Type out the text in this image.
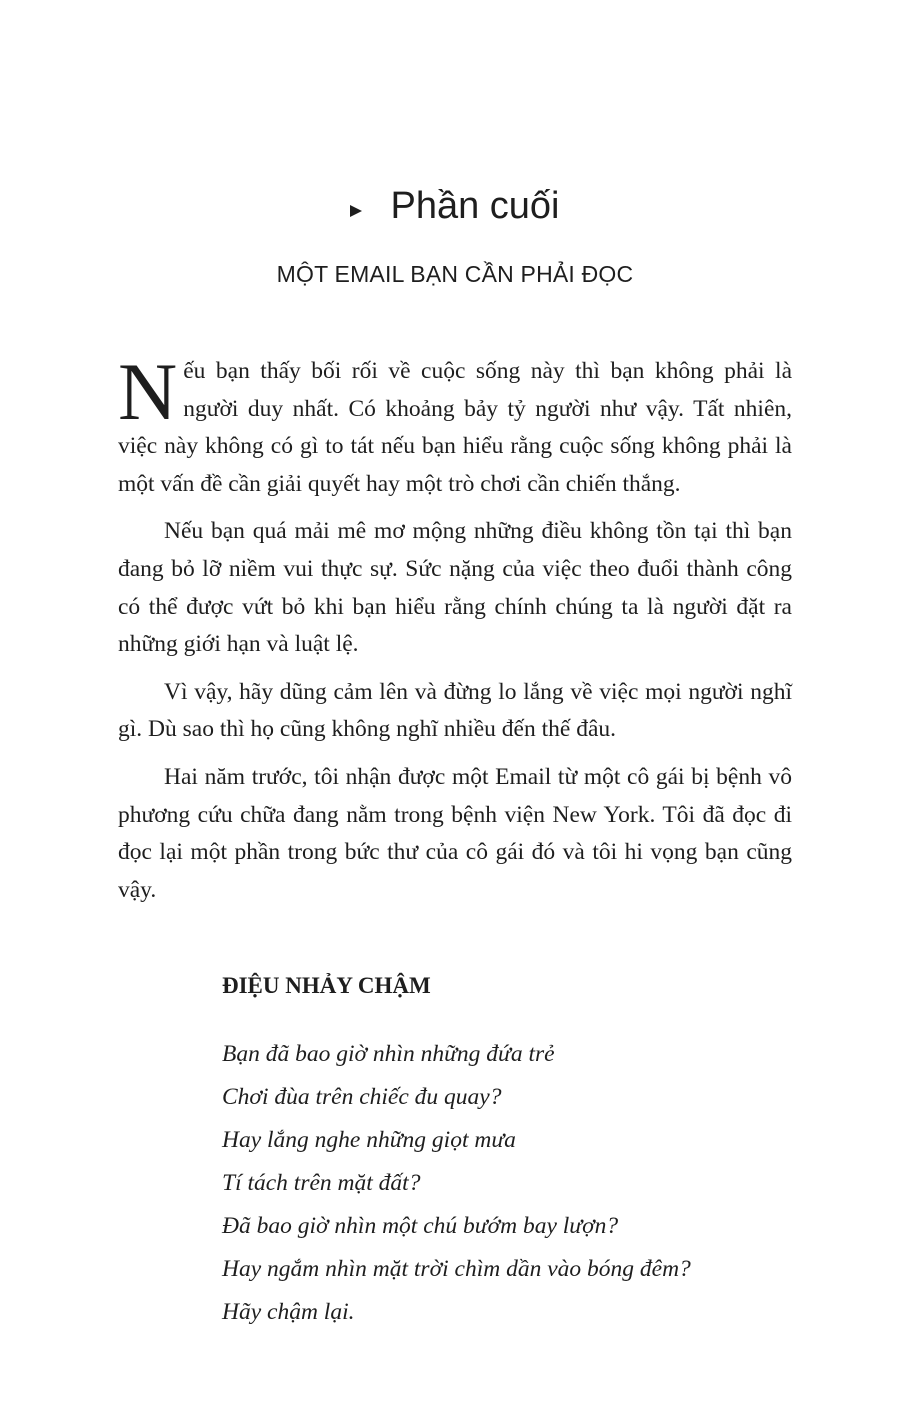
Phần cuối
MỘT EMAIL BẠN CẦN PHẢI ĐỌC

Nếu bạn thấy bối rối về cuộc sống này thì bạn không phải là người duy nhất. Có khoảng bảy tỷ người như vậy. Tất nhiên, việc này không có gì to tát nếu bạn hiểu rằng cuộc sống không phải là một vấn đề cần giải quyết hay một trò chơi cần chiến thắng.

Nếu bạn quá mải mê mơ mộng những điều không tồn tại thì bạn đang bỏ lỡ niềm vui thực sự. Sức nặng của việc theo đuổi thành công có thể được vứt bỏ khi bạn hiểu rằng chính chúng ta là người đặt ra những giới hạn và luật lệ.

Vì vậy, hãy dũng cảm lên và đừng lo lắng về việc mọi người nghĩ gì. Dù sao thì họ cũng không nghĩ nhiều đến thế đâu.

Hai năm trước, tôi nhận được một Email từ một cô gái bị bệnh vô phương cứu chữa đang nằm trong bệnh viện New York. Tôi đã đọc đi đọc lại một phần trong bức thư của cô gái đó và tôi hi vọng bạn cũng vậy.

ĐIỆU NHẢY CHẬM
Bạn đã bao giờ nhìn những đứa trẻ
Chơi đùa trên chiếc đu quay?
Hay lắng nghe những giọt mưa
Tí tách trên mặt đất?
Đã bao giờ nhìn một chú bướm bay lượn?
Hay ngắm nhìn mặt trời chìm dần vào bóng đêm?
Hãy chậm lại.
